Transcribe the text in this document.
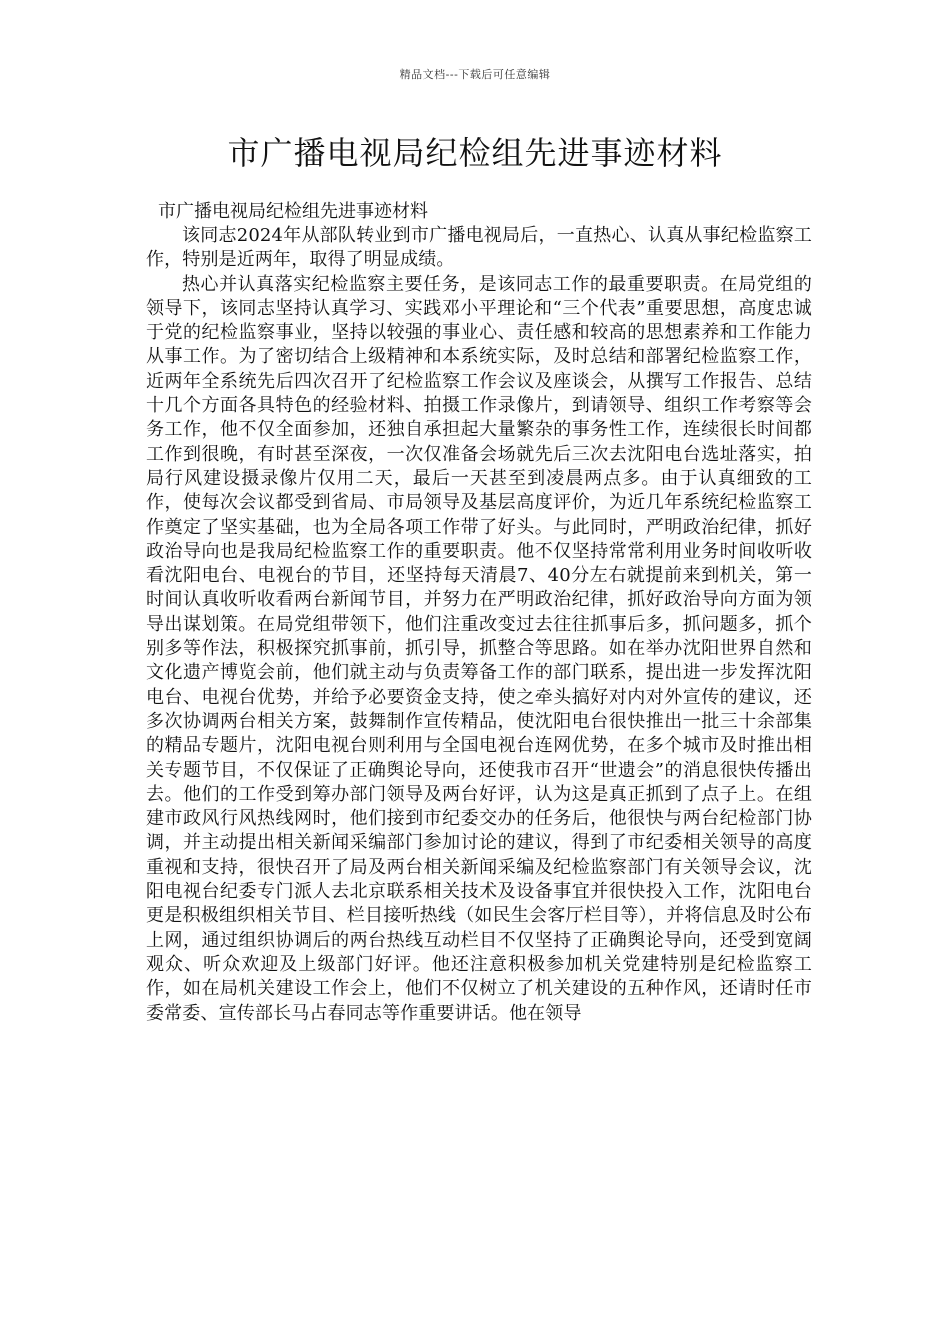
精品文档---下载后可任意编辑
市广播电视局纪检组先进事迹材料

市广播电视局纪检组先进事迹材料

该同志2024年从部队转业到市广播电视局后，一直热心、认真从事纪检监察工作，特别是近两年，取得了明显成绩。

热心并认真落实纪检监察主要任务，是该同志工作的最重要职责。在局党组的领导下，该同志坚持认真学习、实践邓小平理论和“三个代表”重要思想，高度忠诚于党的纪检监察事业，坚持以较强的事业心、责任感和较高的思想素养和工作能力从事工作。为了密切结合上级精神和本系统实际，及时总结和部署纪检监察工作，近两年全系统先后四次召开了纪检监察工作会议及座谈会，从撰写工作报告、总结十几个方面各具特色的经验材料、拍摄工作录像片，到请领导、组织工作考察等会务工作，他不仅全面参加，还独自承担起大量繁杂的事务性工作，连续很长时间都工作到很晚，有时甚至深夜，一次仅准备会场就先后三次去沈阳电台选址落实，拍局行风建设摄录像片仅用二天，最后一天甚至到凌晨两点多。由于认真细致的工作，使每次会议都受到省局、市局领导及基层高度评价，为近几年系统纪检监察工作奠定了坚实基础，也为全局各项工作带了好头。与此同时，严明政治纪律，抓好政治导向也是我局纪检监察工作的重要职责。他不仅坚持常常利用业务时间收听收看沈阳电台、电视台的节目，还坚持每天清晨7、40分左右就提前来到机关，第一时间认真收听收看两台新闻节目，并努力在严明政治纪律，抓好政治导向方面为领导出谋划策。在局党组带领下，他们注重改变过去往往抓事后多，抓问题多，抓个别多等作法，积极探究抓事前，抓引导，抓整合等思路。如在举办沈阳世界自然和文化遗产博览会前，他们就主动与负责筹备工作的部门联系，提出进一步发挥沈阳电台、电视台优势，并给予必要资金支持，使之牵头搞好对内对外宣传的建议，还多次协调两台相关方案，鼓舞制作宣传精品，使沈阳电台很快推出一批三十余部集的精品专题片，沈阳电视台则利用与全国电视台连网优势，在多个城市及时推出相关专题节目，不仅保证了正确舆论导向，还使我市召开“世遗会”的消息很快传播出去。他们的工作受到筹办部门领导及两台好评，认为这是真正抓到了点子上。在组建市政风行风热线网时，他们接到市纪委交办的任务后，他很快与两台纪检部门协调，并主动提出相关新闻采编部门参加讨论的建议，得到了市纪委相关领导的高度重视和支持，很快召开了局及两台相关新闻采编及纪检监察部门有关领导会议，沈阳电视台纪委专门派人去北京联系相关技术及设备事宜并很快投入工作，沈阳电台更是积极组织相关节目、栏目接听热线（如民生会客厅栏目等），并将信息及时公布上网，通过组织协调后的两台热线互动栏目不仅坚持了正确舆论导向，还受到宽阔观众、听众欢迎及上级部门好评。他还注意积极参加机关党建特别是纪检监察工作，如在局机关建设工作会上，他们不仅树立了机关建设的五种作风，还请时任市委常委、宣传部长马占春同志等作重要讲话。他在领导
